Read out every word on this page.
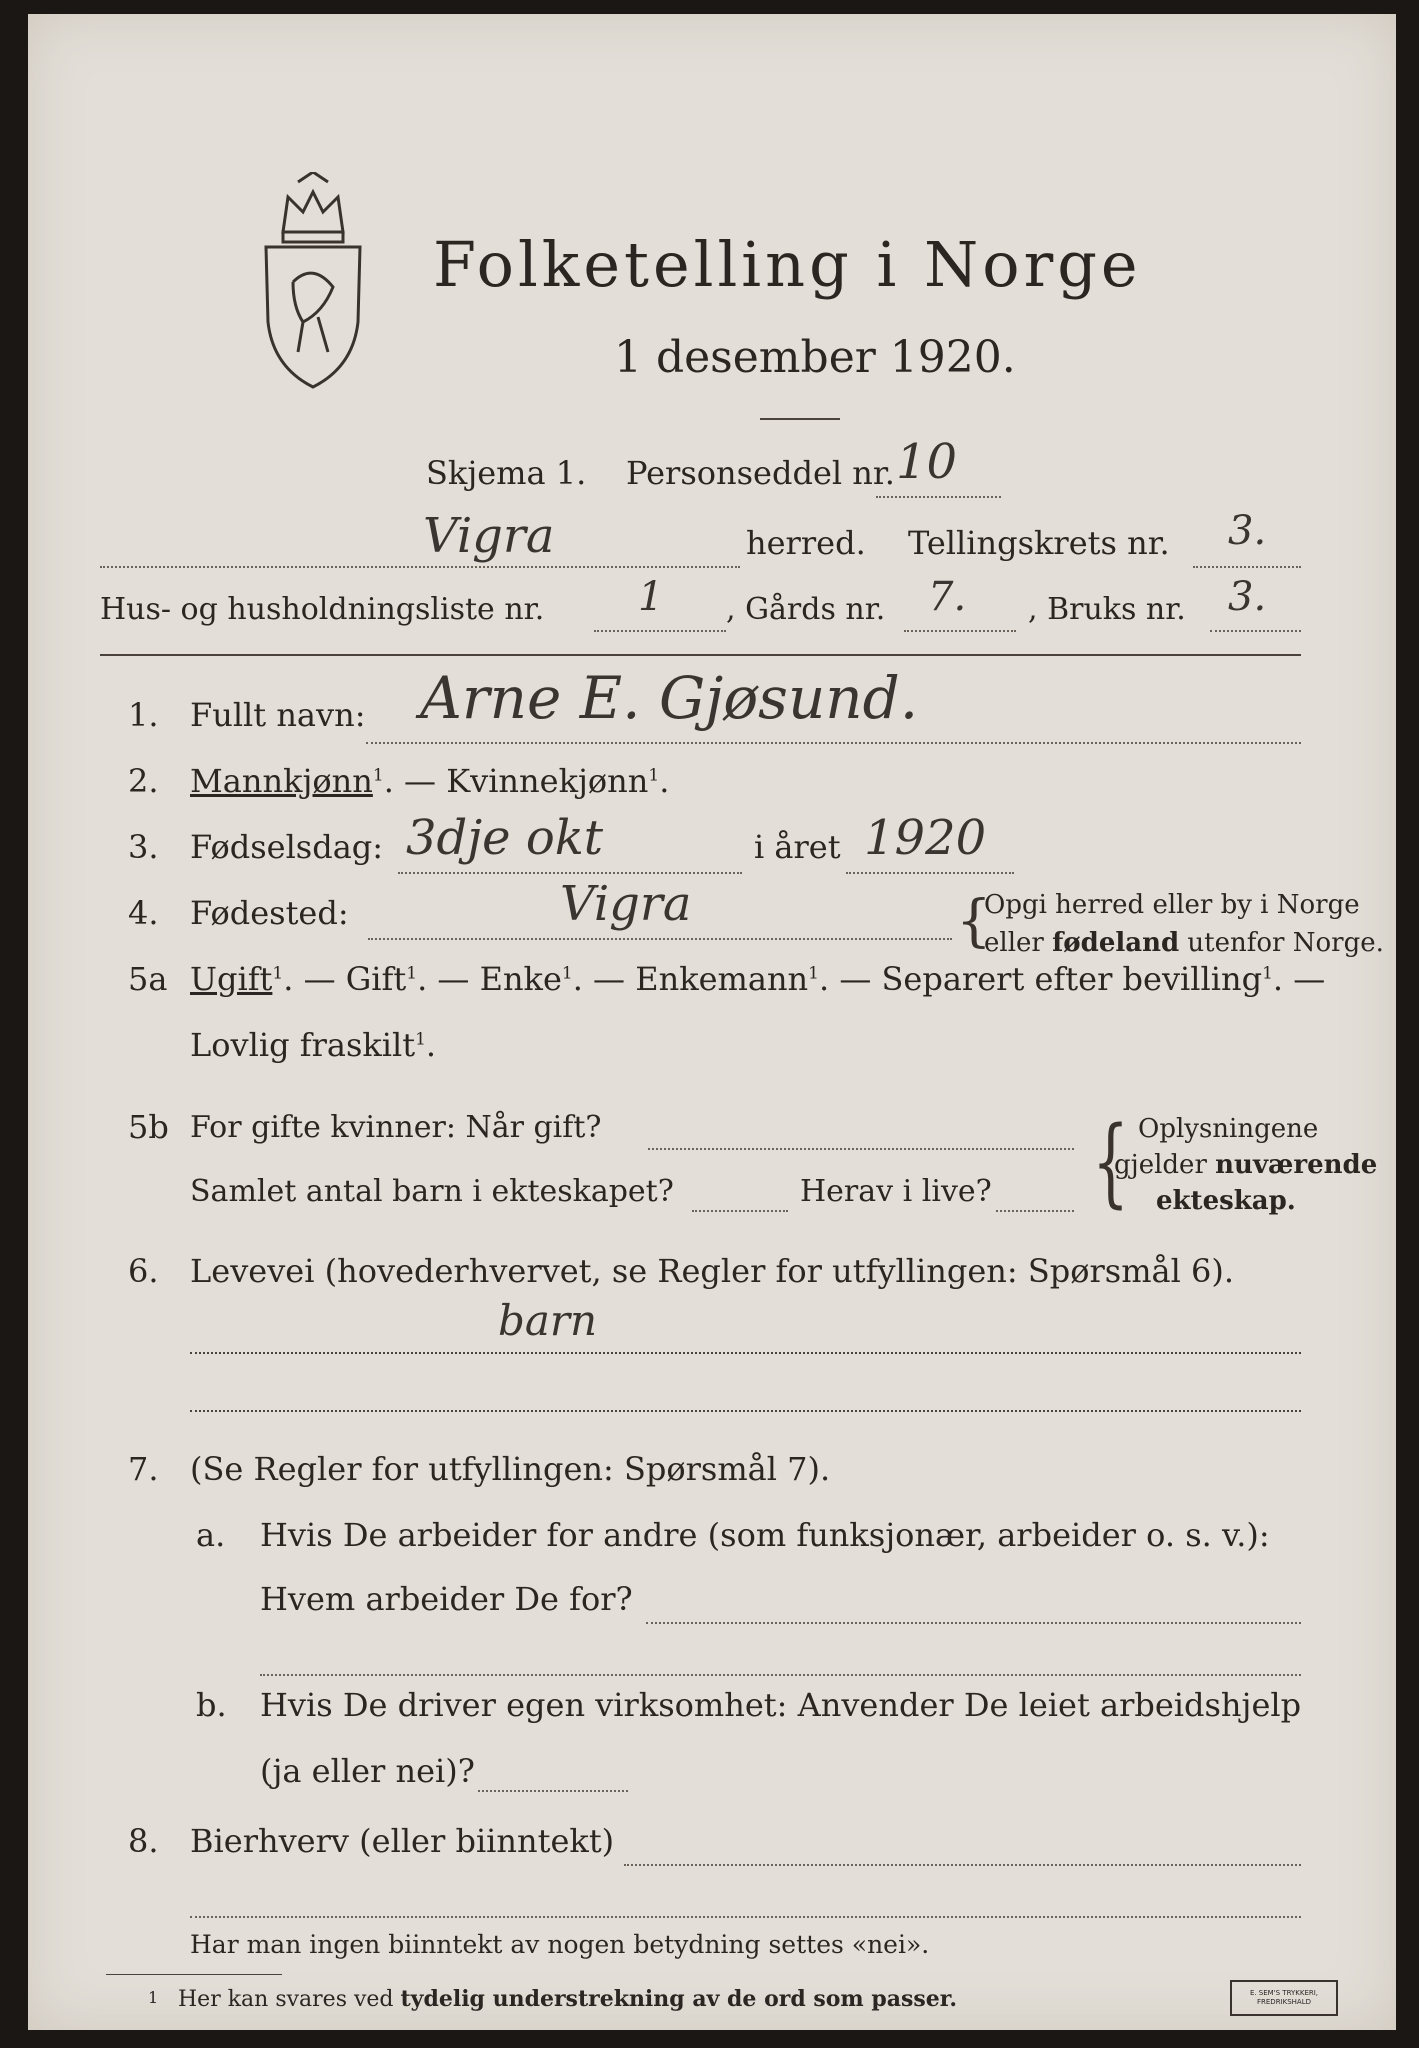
Folketelling i Norge
1 desember 1920.
Skjema 1. Personseddel nr. 10
Vigra	herred. Tellingskrets nr. 3.
Hus- og husholdningsliste nr. 1 , Gårds nr. 7. , Bruks nr. 3.
1. Fullt navn: Arne E. Gjøsund.
2. Mannkjønn$^1$. — Kvinnekjønn$^1$.
3. Fødselsdag: 3dje okt	i året 1920
4. Fødested:	Vigra	{
Opgi herred eller by i Norge
eller fødeland utenfor Norge.
5a Ugift$^1$. — Gift$^1$. — Enke$^1$. — Enkemann$^1$. — Separert efter bevilling$^1$. —
Lovlig fraskilt$^1$.
5b For gifte kvinner: Når gift?
Samlet antal barn i ekteskapet?	Herav i live? { Oplysningene
gjelder nuværende
ekteskap.
6. Levevei (hovederhvervet, se Regler for utfyllingen: Spørsmål 6).
barn
7. (Se Regler for utfyllingen: Spørsmål 7).
a. Hvis De arbeider for andre (som funksjonær, arbeider o. s. v.):
Hvem arbeider De for?
b. Hvis De driver egen virksomhet: Anvender De leiet arbeidshjelp
(ja eller nei)?
8. Bierhverv (eller biinntekt)
Har man ingen biinntekt av nogen betydning settes «nei».
1 Her kan svares ved tydelig understrekning av de ord som passer.	E. SEM'S TRYKKERI, FREDRIKSHALD
